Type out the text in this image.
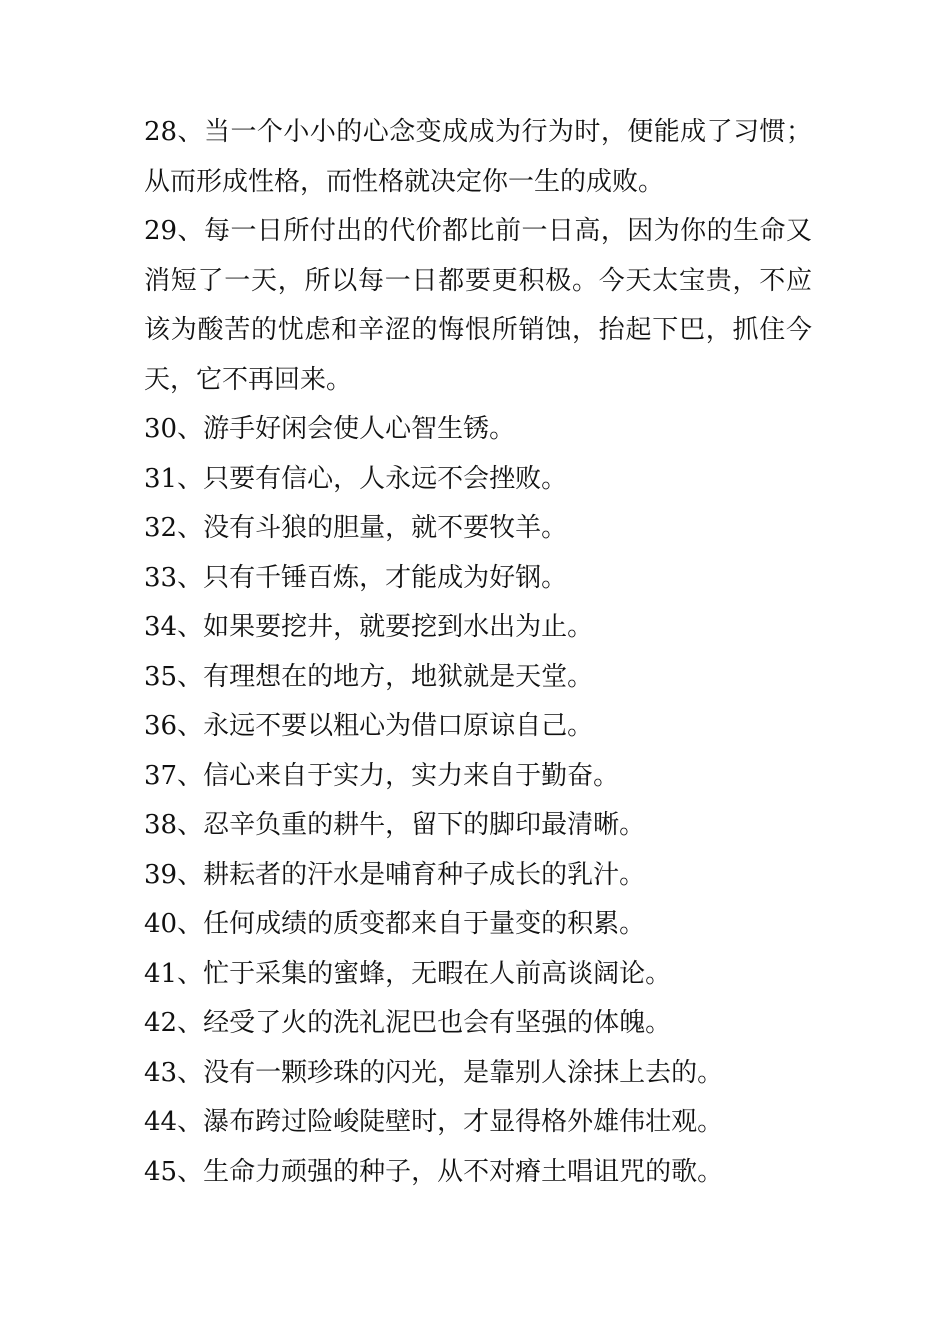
28、当一个小小的心念变成成为行为时，便能成了习惯；从而形成性格，而性格就决定你一生的成败。

29、每一日所付出的代价都比前一日高，因为你的生命又消短了一天，所以每一日都要更积极。今天太宝贵，不应该为酸苦的忧虑和辛涩的悔恨所销蚀，抬起下巴，抓住今天，它不再回来。

30、游手好闲会使人心智生锈。

31、只要有信心，人永远不会挫败。

32、没有斗狼的胆量，就不要牧羊。

33、只有千锤百炼，才能成为好钢。

34、如果要挖井，就要挖到水出为止。

35、有理想在的地方，地狱就是天堂。

36、永远不要以粗心为借口原谅自己。

37、信心来自于实力，实力来自于勤奋。

38、忍辛负重的耕牛，留下的脚印最清晰。

39、耕耘者的汗水是哺育种子成长的乳汁。

40、任何成绩的质变都来自于量变的积累。

41、忙于采集的蜜蜂，无暇在人前高谈阔论。

42、经受了火的洗礼泥巴也会有坚强的体魄。

43、没有一颗珍珠的闪光，是靠别人涂抹上去的。

44、瀑布跨过险峻陡壁时，才显得格外雄伟壮观。

45、生命力顽强的种子，从不对瘠土唱诅咒的歌。
